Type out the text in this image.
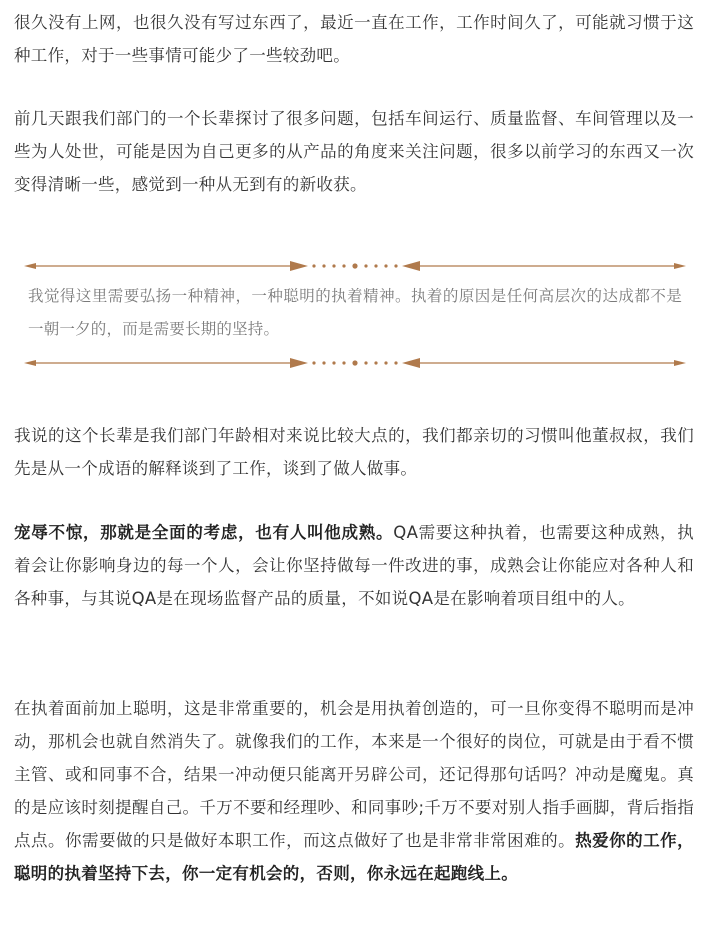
很久没有上网，也很久没有写过东西了，最近一直在工作，工作时间久了，可能就习惯于这种工作，对于一些事情可能少了一些较劲吧。

前几天跟我们部门的一个长辈探讨了很多问题，包括车间运行、质量监督、车间管理以及一些为人处世，可能是因为自己更多的从产品的角度来关注问题，很多以前学习的东西又一次变得清晰一些，感觉到一种从无到有的新收获。

我说的这个长辈是我们部门年龄相对来说比较大点的，我们都亲切的习惯叫他董叔叔，我们先是从一个成语的解释谈到了工作，谈到了做人做事。

宠辱不惊，那就是全面的考虑，也有人叫他成熟。QA需要这种执着，也需要这种成熟，执着会让你影响身边的每一个人，会让你坚持做每一件改进的事，成熟会让你能应对各种人和各种事，与其说QA是在现场监督产品的质量，不如说QA是在影响着项目组中的人。

在执着面前加上聪明，这是非常重要的，机会是用执着创造的，可一旦你变得不聪明而是冲动，那机会也就自然消失了。就像我们的工作，本来是一个很好的岗位，可就是由于看不惯主管、或和同事不合，结果一冲动便只能离开另辟公司，还记得那句话吗？冲动是魔鬼。真的是应该时刻提醒自己。千万不要和经理吵、和同事吵;千万不要对别人指手画脚，背后指指点点。你需要做的只是做好本职工作，而这点做好了也是非常非常困难的。热爱你的工作，聪明的执着坚持下去，你一定有机会的，否则，你永远在起跑线上。

我觉得这里需要弘扬一种精神，一种聪明的执着精神。执着的原因是任何高层次的达成都不是一朝一夕的，而是需要长期的坚持。
